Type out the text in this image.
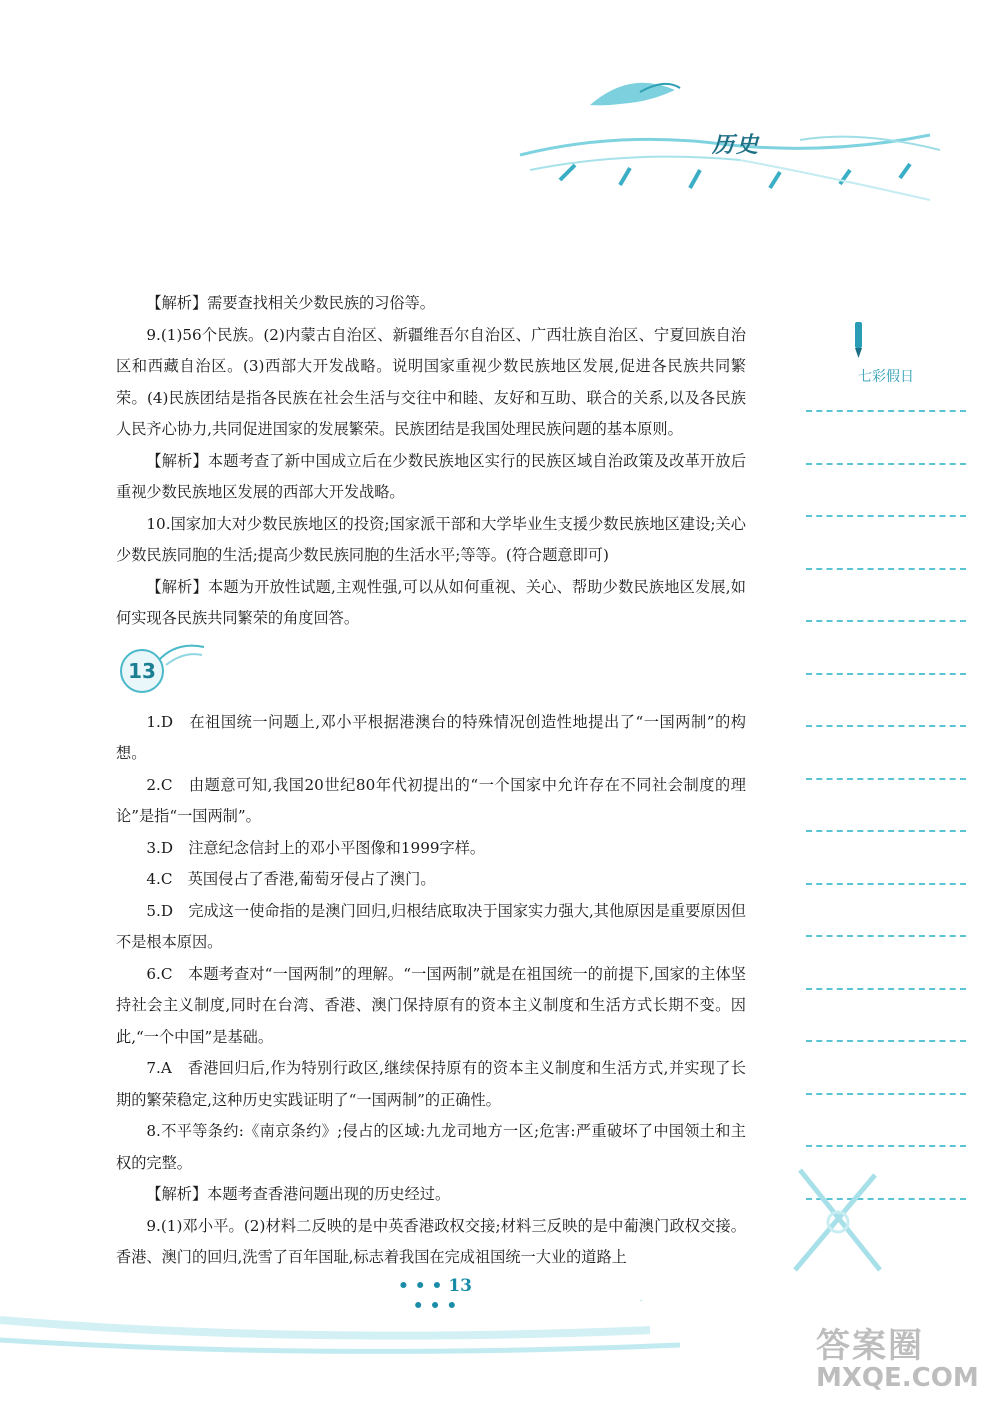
历史

【解析】需要查找相关少数民族的习俗等。

9.(1)56个民族。(2)内蒙古自治区、新疆维吾尔自治区、广西壮族自治区、宁夏回族自治区和西藏自治区。(3)西部大开发战略。说明国家重视少数民族地区发展,促进各民族共同繁荣。(4)民族团结是指各民族在社会生活与交往中和睦、友好和互助、联合的关系,以及各民族人民齐心协力,共同促进国家的发展繁荣。民族团结是我国处理民族问题的基本原则。

【解析】本题考查了新中国成立后在少数民族地区实行的民族区域自治政策及改革开放后重视少数民族地区发展的西部大开发战略。

10.国家加大对少数民族地区的投资;国家派干部和大学毕业生支援少数民族地区建设;关心少数民族同胞的生活;提高少数民族同胞的生活水平;等等。(符合题意即可)

【解析】本题为开放性试题,主观性强,可以从如何重视、关心、帮助少数民族地区发展,如何实现各民族共同繁荣的角度回答。

13

1.D　在祖国统一问题上,邓小平根据港澳台的特殊情况创造性地提出了“一国两制”的构想。

2.C　由题意可知,我国20世纪80年代初提出的“一个国家中允许存在不同社会制度的理论”是指“一国两制”。

3.D　注意纪念信封上的邓小平图像和1999字样。

4.C　英国侵占了香港,葡萄牙侵占了澳门。

5.D　完成这一使命指的是澳门回归,归根结底取决于国家实力强大,其他原因是重要原因但不是根本原因。

6.C　本题考查对“一国两制”的理解。“一国两制”就是在祖国统一的前提下,国家的主体坚持社会主义制度,同时在台湾、香港、澳门保持原有的资本主义制度和生活方式长期不变。因此,“一个中国”是基础。

7.A　香港回归后,作为特别行政区,继续保持原有的资本主义制度和生活方式,并实现了长期的繁荣稳定,这种历史实践证明了“一国两制”的正确性。

8.不平等条约:《南京条约》;侵占的区域:九龙司地方一区;危害:严重破坏了中国领土和主权的完整。

【解析】本题考查香港问题出现的历史经过。

9.(1)邓小平。(2)材料二反映的是中英香港政权交接;材料三反映的是中葡澳门政权交接。香港、澳门的回归,洗雪了百年国耻,标志着我国在完成祖国统一大业的道路上

七彩假日
• • • 13 • • •
答案圈
MXQE.COM
